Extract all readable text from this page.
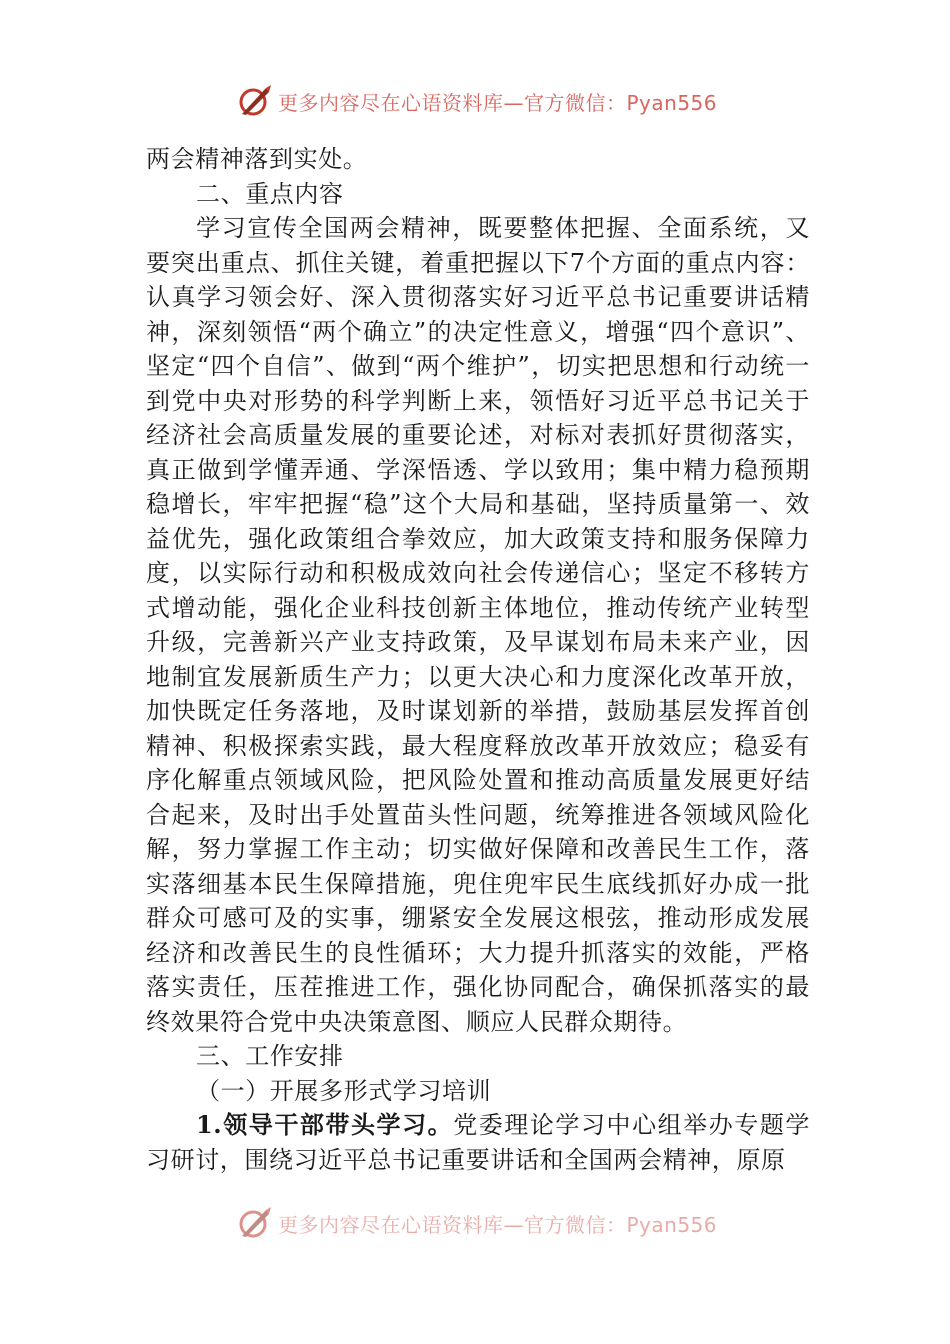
更多内容尽在心语资料库—官方微信：Pyan556

两会精神落到实处。

二、重点内容

学习宣传全国两会精神，既要整体把握、全面系统，又要突出重点、抓住关键，着重把握以下7个方面的重点内容：认真学习领会好、深入贯彻落实好习近平总书记重要讲话精神，深刻领悟“两个确立”的决定性意义，增强“四个意识”、坚定“四个自信”、做到“两个维护”，切实把思想和行动统一到党中央对形势的科学判断上来，领悟好习近平总书记关于经济社会高质量发展的重要论述，对标对表抓好贯彻落实，真正做到学懂弄通、学深悟透、学以致用；集中精力稳预期稳增长，牢牢把握“稳”这个大局和基础，坚持质量第一、效益优先，强化政策组合拳效应，加大政策支持和服务保障力度，以实际行动和积极成效向社会传递信心；坚定不移转方式增动能，强化企业科技创新主体地位，推动传统产业转型升级，完善新兴产业支持政策，及早谋划布局未来产业，因地制宜发展新质生产力；以更大决心和力度深化改革开放，加快既定任务落地，及时谋划新的举措，鼓励基层发挥首创精神、积极探索实践，最大程度释放改革开放效应；稳妥有序化解重点领域风险，把风险处置和推动高质量发展更好结合起来，及时出手处置苗头性问题，统筹推进各领域风险化解，努力掌握工作主动；切实做好保障和改善民生工作，落实落细基本民生保障措施，兜住兜牢民生底线抓好办成一批群众可感可及的实事，绷紧安全发展这根弦，推动形成发展经济和改善民生的良性循环；大力提升抓落实的效能，严格落实责任，压茬推进工作，强化协同配合，确保抓落实的最终效果符合党中央决策意图、顺应人民群众期待。

三、工作安排

（一）开展多形式学习培训

1.领导干部带头学习。党委理论学习中心组举办专题学习研讨，围绕习近平总书记重要讲话和全国两会精神，原原

更多内容尽在心语资料库—官方微信：Pyan556
